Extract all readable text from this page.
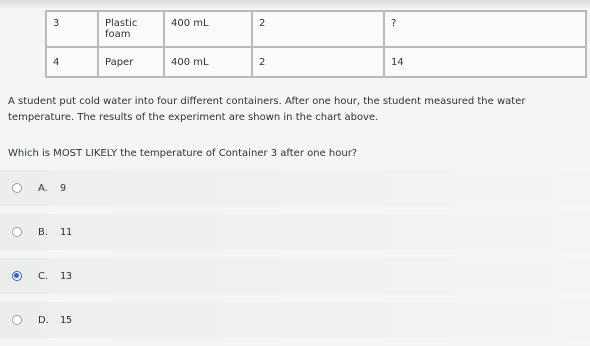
3	Plastic foam	400 mL	2	?
4	Paper	400 mL	2	14

A student put cold water into four different containers. After one hour, the student measured the water temperature. The results of the experiment are shown in the chart above.

Which is MOST LIKELY the temperature of Container 3 after one hour?

A.	9
B.	11
C.	13
D.	15
